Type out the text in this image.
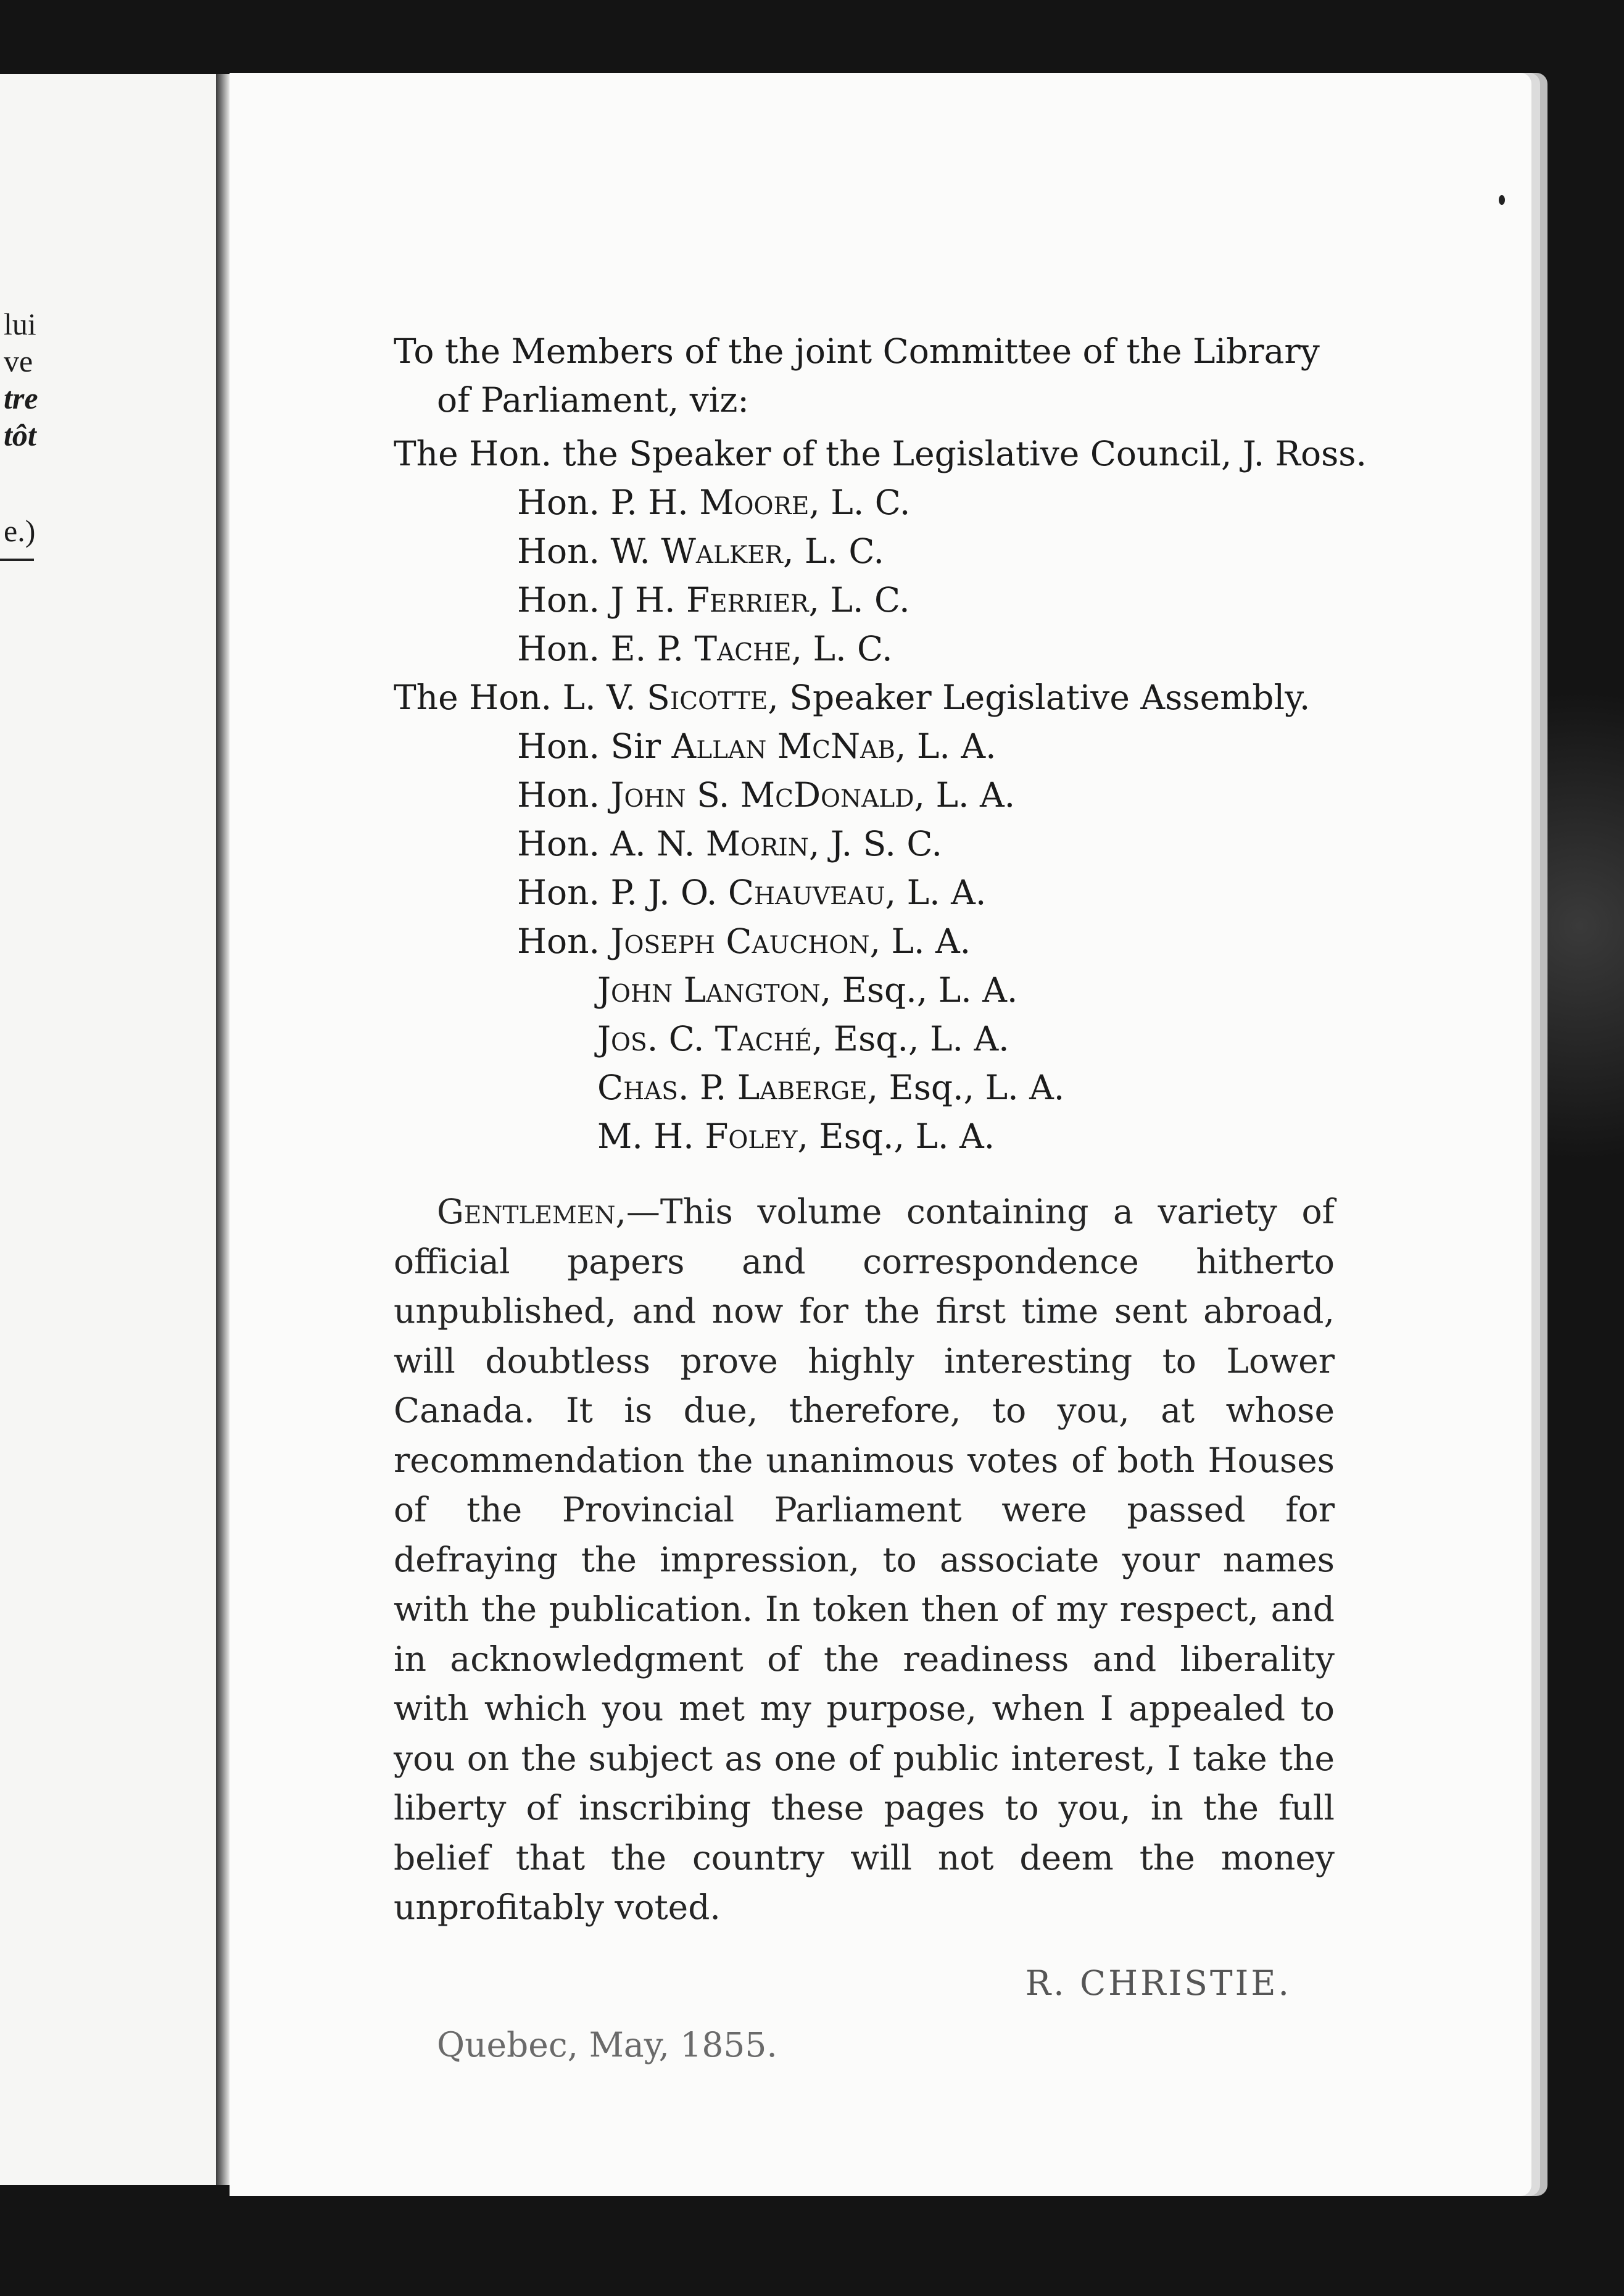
lui
ve
tre
tôt
e.)
To the Members of the joint Committee of the Library
of Parliament, viz:
The Hon. the Speaker of the Legislative Council, J. Ross.
Hon. P. H. Moore, L. C.
Hon. W. Walker, L. C.
Hon. J H. Ferrier, L. C.
Hon. E. P. Tache, L. C.
The Hon. L. V. Sicotte, Speaker Legislative Assembly.
Hon. Sir Allan McNab, L. A.
Hon. John S. McDonald, L. A.
Hon. A. N. Morin, J. S. C.
Hon. P. J. O. Chauveau, L. A.
Hon. Joseph Cauchon, L. A.
John Langton, Esq., L. A.
Jos. C. Taché, Esq., L. A.
Chas. P. Laberge, Esq., L. A.
M. H. Foley, Esq., L. A.
Gentlemen,—This volume containing a variety of official papers and correspondence hitherto unpublished, and now for the first time sent abroad, will doubtless prove highly interesting to Lower Canada. It is due, therefore, to you, at whose recommendation the unanimous votes of both Houses of the Provincial Parliament were passed for defraying the impression, to associate your names with the publication. In token then of my respect, and in acknowledgment of the readiness and liberality with which you met my purpose, when I appealed to you on the subject as one of public interest, I take the liberty of inscribing these pages to you, in the full belief that the country will not deem the money unprofitably voted.
R. CHRISTIE.
Quebec, May, 1855.
